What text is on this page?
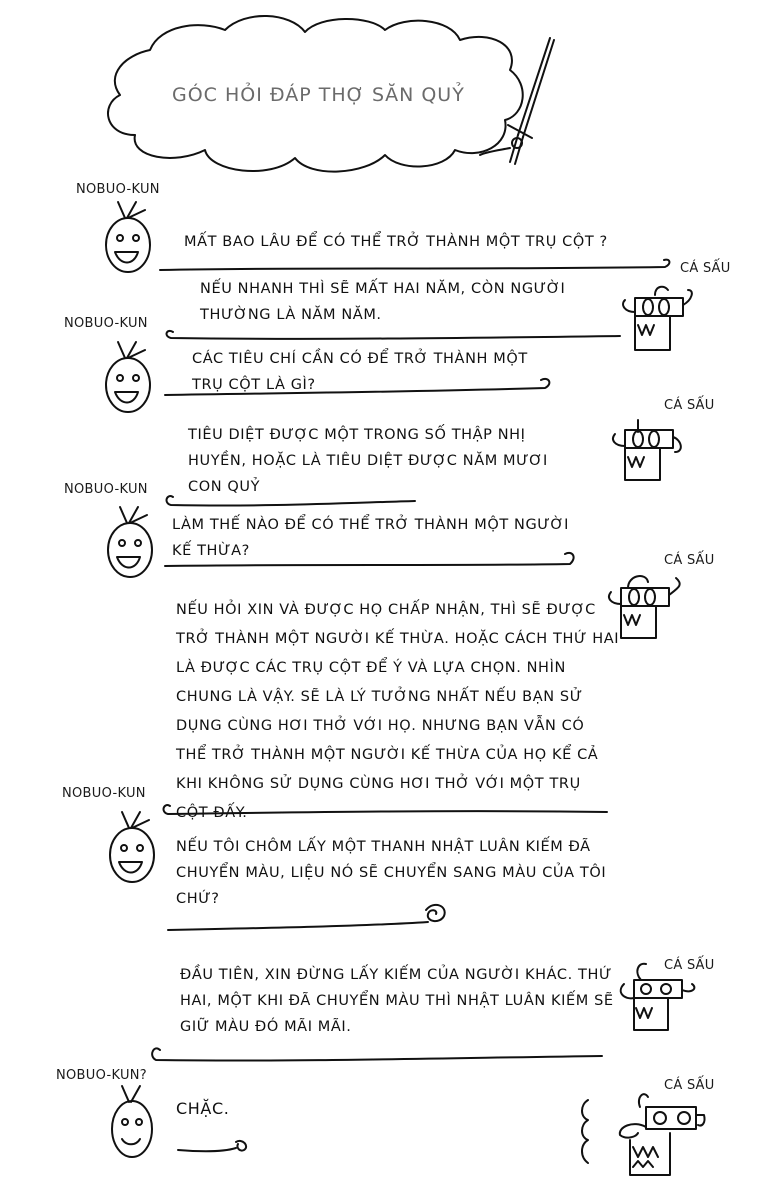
GÓC HỎI ĐÁP THỢ SĂN QUỶ
NOBUO-KUN
MẤT BAO LÂU ĐỂ CÓ THỂ TRỞ THÀNH MỘT TRỤ CỘT ?
CÁ SẤU
NẾU NHANH THÌ SẼ MẤT HAI NĂM, CÒN NGƯỜI
THƯỜNG LÀ NĂM NĂM.
NOBUO-KUN
CÁC TIÊU CHÍ CẦN CÓ ĐỂ TRỞ THÀNH MỘT
TRỤ CỘT LÀ GÌ?
CÁ SẤU
TIÊU DIỆT ĐƯỢC MỘT TRONG SỐ THẬP NHỊ
HUYỀN, HOẶC LÀ TIÊU DIỆT ĐƯỢC NĂM MƯƠI
CON QUỶ
NOBUO-KUN
LÀM THẾ NÀO ĐỂ CÓ THỂ TRỞ THÀNH MỘT NGƯỜI
KẾ THỪA?
CÁ SẤU
NẾU HỎI XIN VÀ ĐƯỢC HỌ CHẤP NHẬN, THÌ SẼ ĐƯỢC
TRỞ THÀNH MỘT NGƯỜI KẾ THỪA. HOẶC CÁCH THỨ HAI
LÀ ĐƯỢC CÁC TRỤ CỘT ĐỂ Ý VÀ LỰA CHỌN. NHÌN
CHUNG LÀ VẬY. SẼ LÀ LÝ TƯỞNG NHẤT NẾU BẠN SỬ
DỤNG CÙNG HƠI THỞ VỚI HỌ. NHƯNG BẠN VẪN CÓ
THỂ TRỞ THÀNH MỘT NGƯỜI KẾ THỪA CỦA HỌ KỂ CẢ
KHI KHÔNG SỬ DỤNG CÙNG HƠI THỞ VỚI MỘT TRỤ
CỘT ĐẤY.
NOBUO-KUN
NẾU TÔI CHÔM LẤY MỘT THANH NHẬT LUÂN KIẾM ĐÃ
CHUYỂN MÀU, LIỆU NÓ SẼ CHUYỂN SANG MÀU CỦA TÔI
CHỨ?
CÁ SẤU
ĐẦU TIÊN, XIN ĐỪNG LẤY KIẾM CỦA NGƯỜI KHÁC. THỨ
HAI, MỘT KHI ĐÃ CHUYỂN MÀU THÌ NHẬT LUÂN KIẾM SẼ
GIỮ MÀU ĐÓ MÃI MÃI.
NOBUO-KUN?
CHẶC.
CÁ SẤU
